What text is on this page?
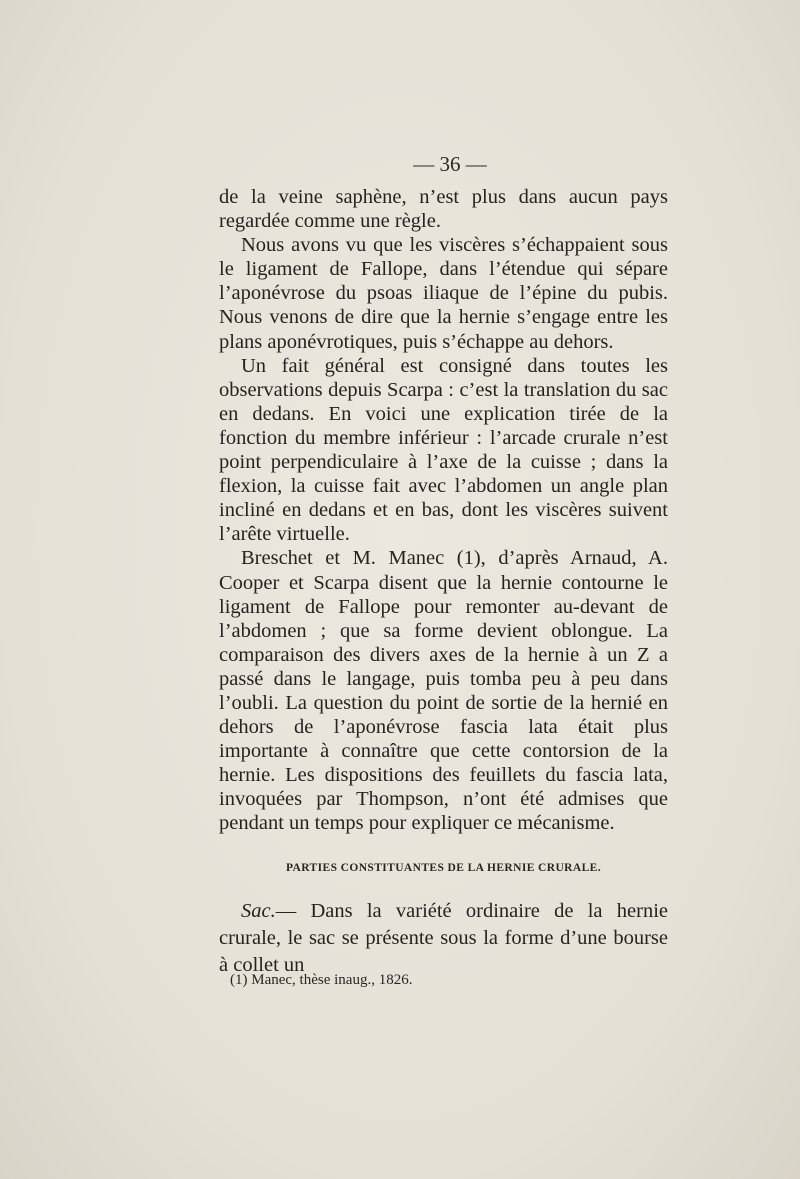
— 36 —

de la veine saphène, n’est plus dans aucun pays regardée comme une règle.

Nous avons vu que les viscères s’échappaient sous le ligament de Fallope, dans l’étendue qui sépare l’aponévrose du psoas iliaque de l’épine du pubis. Nous venons de dire que la hernie s’engage entre les plans aponévrotiques, puis s’échappe au dehors.

Un fait général est consigné dans toutes les observations depuis Scarpa : c’est la translation du sac en dedans. En voici une explication tirée de la fonction du membre inférieur : l’arcade crurale n’est point perpendiculaire à l’axe de la cuisse ; dans la flexion, la cuisse fait avec l’abdomen un angle plan incliné en dedans et en bas, dont les viscères suivent l’arête virtuelle.

Breschet et M. Manec (1), d’après Arnaud, A. Cooper et Scarpa disent que la hernie contourne le ligament de Fallope pour remonter au-devant de l’abdomen ; que sa forme devient oblongue. La comparaison des divers axes de la hernie à un Z a passé dans le langage, puis tomba peu à peu dans l’oubli. La question du point de sortie de la hernié en dehors de l’aponévrose fascia lata était plus importante à connaître que cette contorsion de la hernie. Les dispositions des feuillets du fascia lata, invoquées par Thompson, n’ont été admises que pendant un temps pour expliquer ce mécanisme.

PARTIES CONSTITUANTES DE LA HERNIE CRURALE.

Sac.— Dans la variété ordinaire de la hernie crurale, le sac se présente sous la forme d’une bourse à collet un

(1) Manec, thèse inaug., 1826.
